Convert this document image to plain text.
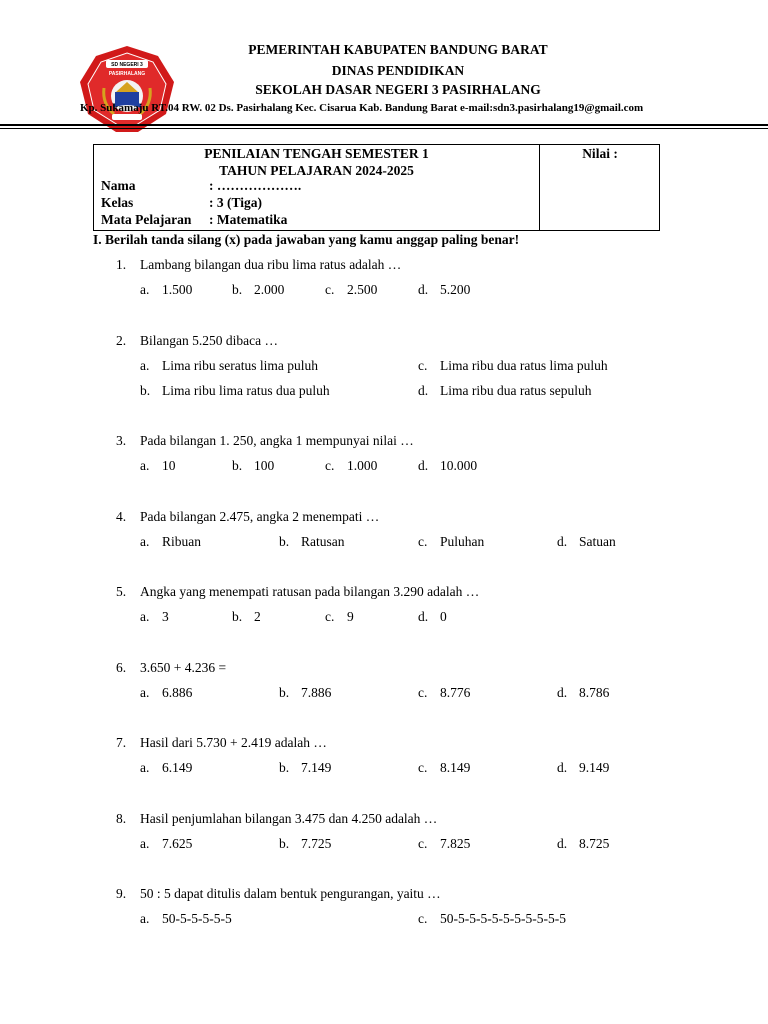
PEMERINTAH KABUPATEN BANDUNG BARAT
DINAS PENDIDIKAN
SEKOLAH DASAR NEGERI 3 PASIRHALANG
SD NEGERI 3
PASIRHALANG
Kp. Sukamaju RT.04 RW. 02 Ds. Pasirhalang Kec. Cisarua Kab. Bandung Barat e-mail:sdn3.pasirhalang19@gmail.com
PENILAIAN TENGAH SEMESTER 1
TAHUN PELAJARAN 2024-2025
Nilai :
Nama	: ……………….
Kelas	: 3 (Tiga)
Mata Pelajaran : Matematika
I. Berilah tanda silang (x) pada jawaban yang kamu anggap paling benar!
1. Lambang bilangan dua ribu lima ratus adalah …
a. 1.500	b. 2.000	c. 2.500	d. 5.200
2. Bilangan 5.250 dibaca …
a. Lima ribu seratus lima puluh	c. Lima ribu dua ratus lima puluh
b. Lima ribu lima ratus dua puluh	d. Lima ribu dua ratus sepuluh
3. Pada bilangan 1. 250, angka 1 mempunyai nilai …
a. 10	b. 100	c. 1.000	d. 10.000
4. Pada bilangan 2.475, angka 2 menempati …
a. Ribuan	b. Ratusan	c. Puluhan	d. Satuan
5. Angka yang menempati ratusan pada bilangan 3.290 adalah …
a. 3	b. 2	c. 9	d. 0
6. 3.650 + 4.236 =
a. 6.886	b. 7.886	c. 8.776	d. 8.786
7. Hasil dari 5.730 + 2.419 adalah …
a. 6.149	b. 7.149	c. 8.149	d. 9.149
8. Hasil penjumlahan bilangan 3.475 dan 4.250 adalah …
a. 7.625	b. 7.725	c. 7.825	d. 8.725
9. 50 : 5 dapat ditulis dalam bentuk pengurangan, yaitu …
a. 50-5-5-5-5-5	c. 50-5-5-5-5-5-5-5-5-5-5
